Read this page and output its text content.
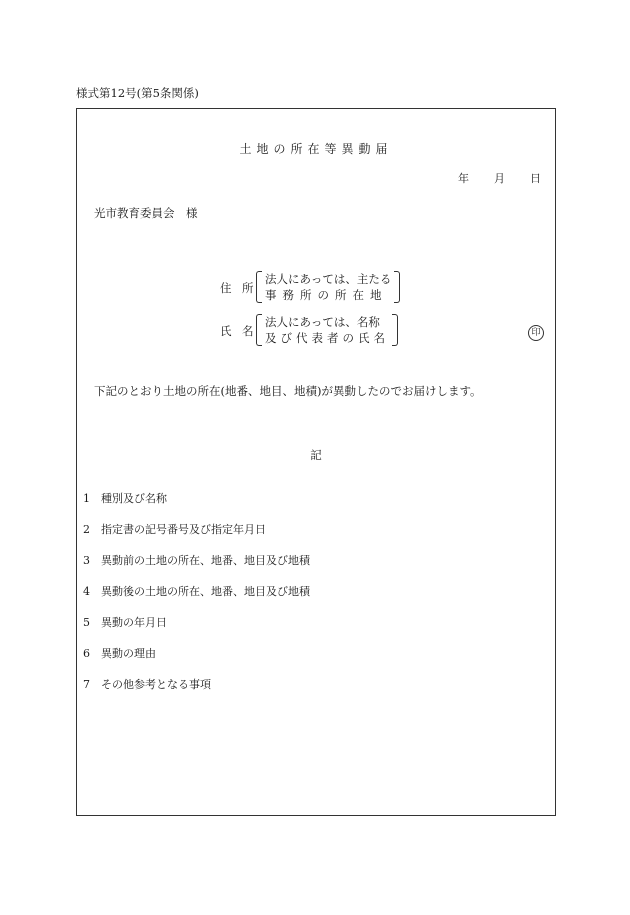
様式第12号(第5条関係)
土地の所在等異動届
年 月 日
光市教育委員会　様
住 所
法人にあっては、主たる
事務所の所在地
氏 名
法人にあっては、名称
及び代表者の氏名	印
下記のとおり土地の所在(地番、地目、地積)が異動したのでお届けします。
記
1 種別及び名称
2 指定書の記号番号及び指定年月日
3 異動前の土地の所在、地番、地目及び地積
4 異動後の土地の所在、地番、地目及び地積
5 異動の年月日
6 異動の理由
7 その他参考となる事項
